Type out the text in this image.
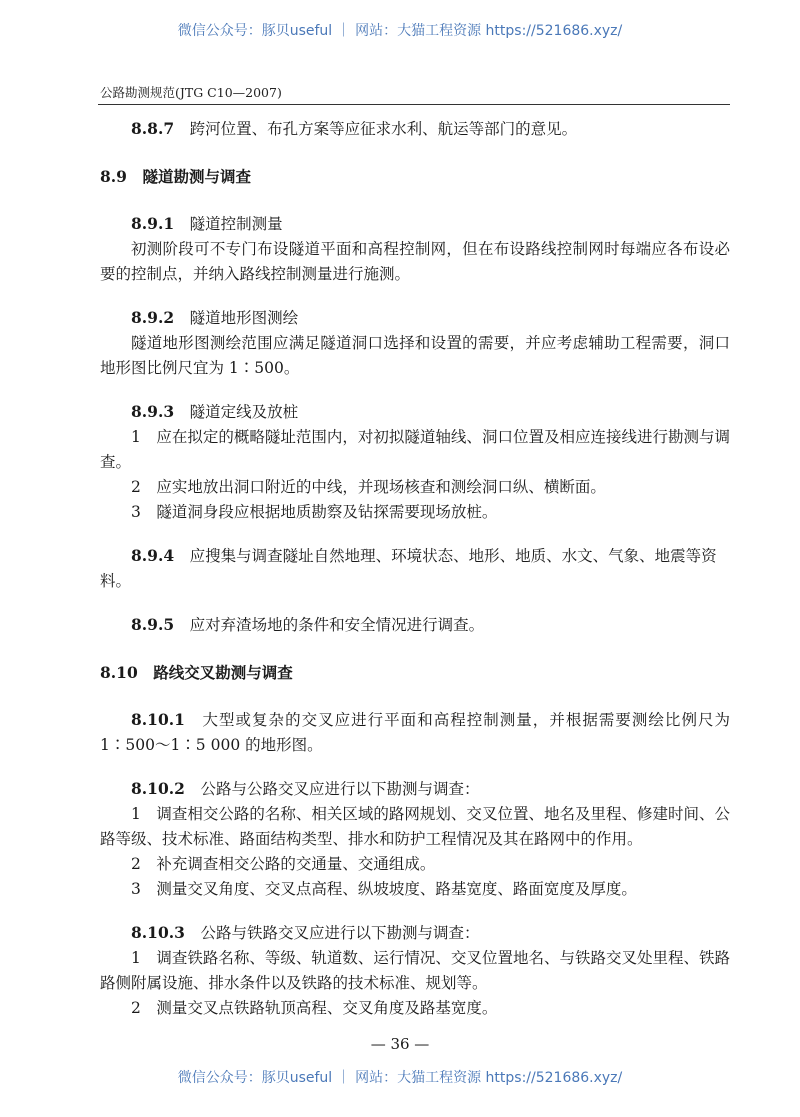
微信公众号：豚贝useful ｜ 网站：大猫工程资源 https://521686.xyz/
公路勘测规范(JTG C10—2007)

8.8.7　 跨河位置、布孔方案等应征求水利、航运等部门的意见。

8.9　 隧道勘测与调查

8.9.1　 隧道控制测量

初测阶段可不专门布设隧道平面和高程控制网，但在布设路线控制网时每端应各布设必要的控制点，并纳入路线控制测量进行施测。

8.9.2　 隧道地形图测绘

隧道地形图测绘范围应满足隧道洞口选择和设置的需要，并应考虑辅助工程需要，洞口地形图比例尺宜为 1∶500。

8.9.3　 隧道定线及放桩

1　应在拟定的概略隧址范围内，对初拟隧道轴线、洞口位置及相应连接线进行勘测与调查。

2　应实地放出洞口附近的中线，并现场核查和测绘洞口纵、横断面。

3　隧道洞身段应根据地质勘察及钻探需要现场放桩。

8.9.4　 应搜集与调查隧址自然地理、环境状态、地形、地质、水文、气象、地震等资料。

8.9.5　 应对弃渣场地的条件和安全情况进行调查。

8.10　 路线交叉勘测与调查

8.10.1　 大型或复杂的交叉应进行平面和高程控制测量，并根据需要测绘比例尺为 1∶500～1∶5 000 的地形图。

8.10.2　 公路与公路交叉应进行以下勘测与调查：

1　调查相交公路的名称、相关区域的路网规划、交叉位置、地名及里程、修建时间、公路等级、技术标准、路面结构类型、排水和防护工程情况及其在路网中的作用。

2　补充调查相交公路的交通量、交通组成。

3　测量交叉角度、交叉点高程、纵坡坡度、路基宽度、路面宽度及厚度。

8.10.3　 公路与铁路交叉应进行以下勘测与调查：

1　调查铁路名称、等级、轨道数、运行情况、交叉位置地名、与铁路交叉处里程、铁路路侧附属设施、排水条件以及铁路的技术标准、规划等。

2　测量交叉点铁路轨顶高程、交叉角度及路基宽度。

— 36 —
微信公众号：豚贝useful ｜ 网站：大猫工程资源 https://521686.xyz/
